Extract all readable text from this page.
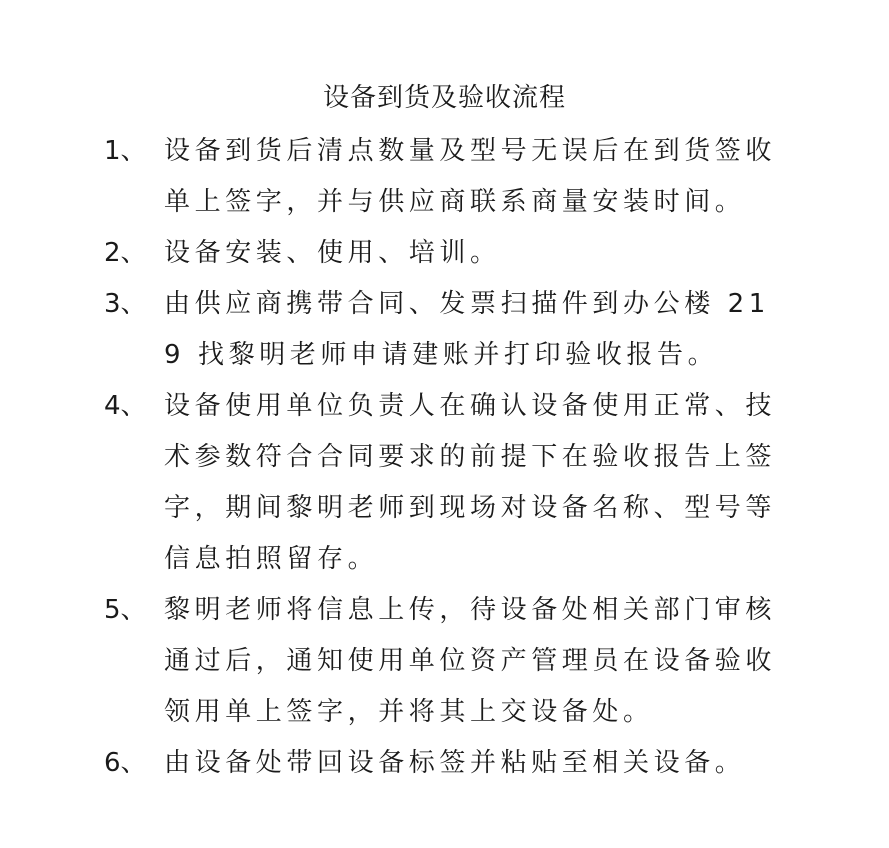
设备到货及验收流程
1、 设备到货后清点数量及型号无误后在到货签收单上签字，并与供应商联系商量安装时间。
2、 设备安装、使用、培训。
3、 由供应商携带合同、发票扫描件到办公楼 219 找黎明老师申请建账并打印验收报告。
4、 设备使用单位负责人在确认设备使用正常、技术参数符合合同要求的前提下在验收报告上签字，期间黎明老师到现场对设备名称、型号等信息拍照留存。
5、 黎明老师将信息上传，待设备处相关部门审核通过后，通知使用单位资产管理员在设备验收领用单上签字，并将其上交设备处。
6、 由设备处带回设备标签并粘贴至相关设备。
